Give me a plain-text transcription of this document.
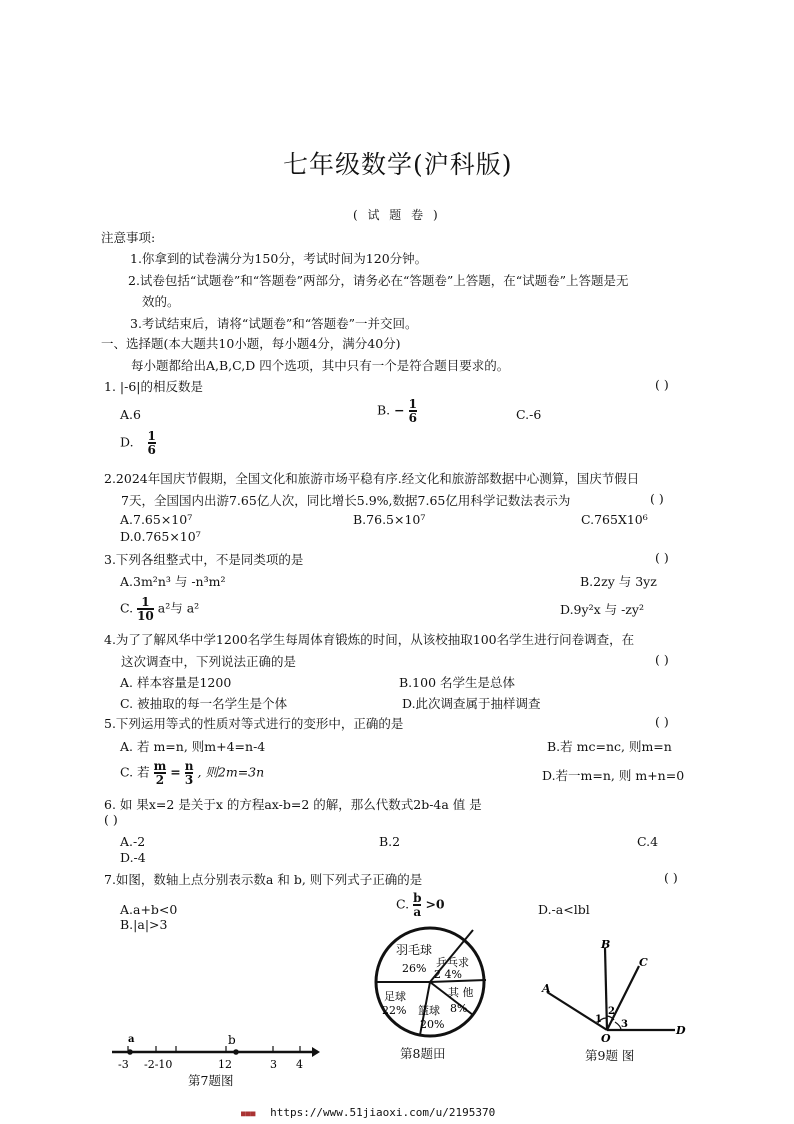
七年级数学(沪科版)
( 试 题 卷 )
注意事项:
1.你拿到的试卷满分为150分，考试时间为120分钟。
2.试卷包括“试题卷”和“答题卷”两部分，请务必在“答题卷”上答题，在“试题卷”上答题是无
效的。
3.考试结束后，请将“试题卷”和“答题卷”一并交回。
一、选择题(本大题共10小题，每小题4分，满分40分)
每小题都给出A,B,C,D 四个选项，其中只有一个是符合题目要求的。
1. |-6|的相反数是	( )
A.6	B. − $\frac{1}{6}$	C.-6
D. $\frac{1}{6}$
2.2024年国庆节假期，全国文化和旅游市场平稳有序.经文化和旅游部数据中心测算，国庆节假日
7天，全国国内出游7.65亿人次，同比增长5.9%,数据7.65亿用科学记数法表示为	( )
A.7.65×10⁷	B.76.5×10⁷	C.765X10⁶
D.0.765×10⁷
3.下列各组整式中，不是同类项的是	( )
A.3m²n³ 与 -n³m²	B.2zy 与 3yz
C. $\frac{1}{10} a^2$与 a²	D.9y²x 与 -zy²
4.为了了解风华中学1200名学生每周体育锻炼的时间，从该校抽取100名学生进行问卷调查，在
这次调查中，下列说法正确的是	( )
A. 样本容量是1200	B.100 名学生是总体
C. 被抽取的每一名学生是个体	D.此次调查属于抽样调查
5.下列运用等式的性质对等式进行的变形中，正确的是	( )
A. 若 m=n, 则m+4=n-4	B.若 mc=nc, 则m=n
C. 若 $\frac{m}{2} = \frac{n}{3}$ , 则2m=3n	D.若一m=n, 则 m+n=0
6. 如 果x=2 是关于x 的方程ax-b=2 的解，那么代数式2b-4a 值 是
( )
A.-2	B.2	C.4
D.-4
7.如图，数轴上点分别表示数a 和 b, 则下列式子正确的是	( )
A.a+b<0
B.|a|>3
C. $\frac{b}{a} >0$	D.-a<lbl
a	b
-3 -2-10	12	3 4
第7题图
羽毛球
26% 乒乓求
2 4%
足球
22%
其 他
8%
篮球
20%
第8题田
A
B
C
D
O
1
2
3
第9题 图
■■■ https://www.51jiaoxi.com/u/2195370
